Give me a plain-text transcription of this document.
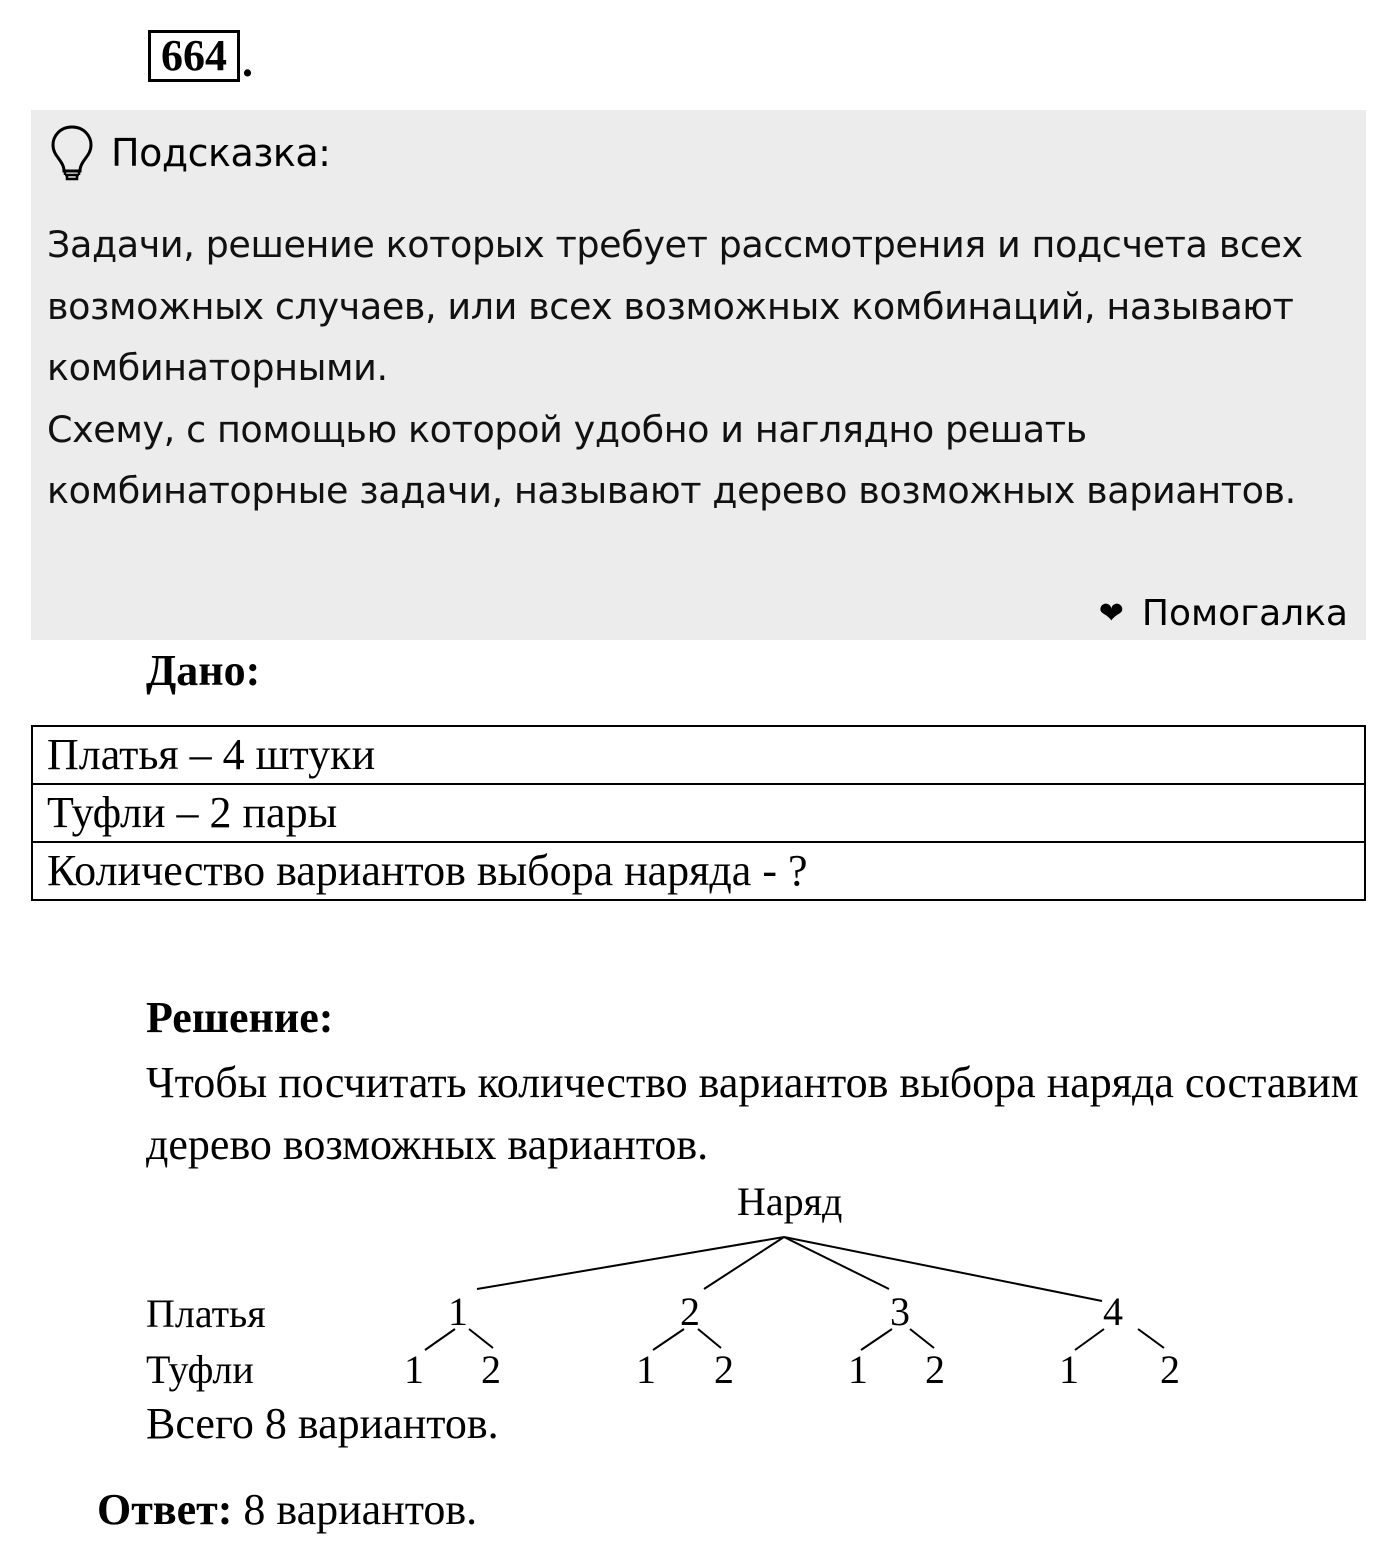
664 .
Подсказка:

Задачи, решение которых требует рассмотрения и подсчета всех возможных случаев, или всех возможных комбинаций, называют комбинаторными.

Схему, с помощью которой удобно и наглядно решать комбинаторные задачи, называют дерево возможных вариантов.

❤ Помогалка
Дано:
Платья – 4 штуки
Туфли – 2 пары
Количество вариантов выбора наряда - ?
Решение:
Чтобы посчитать количество вариантов выбора наряда составим дерево возможных вариантов.
Наряд
Платья
Туфли
1	2	3	4
1 2	1 2	1 2	1 2
Всего 8 вариантов.
Ответ: 8 вариантов.
